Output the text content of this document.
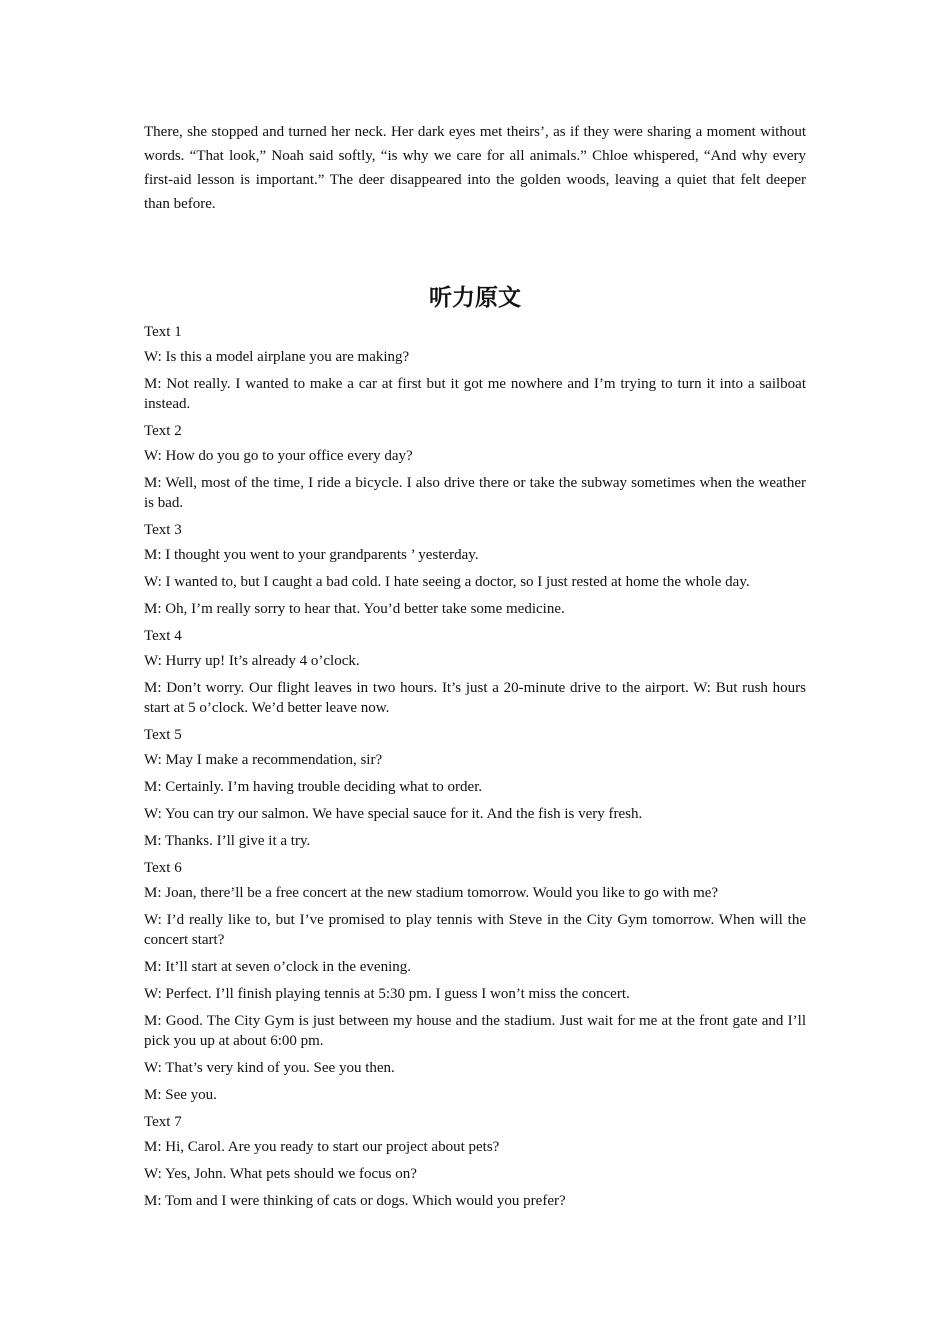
There, she stopped and turned her neck. Her dark eyes met theirs’, as if they were sharing a moment without words. “That look,” Noah said softly, “is why we care for all animals.” Chloe whispered, “And why every first-aid lesson is important.” The deer disappeared into the golden woods, leaving a quiet that felt deeper than before.

听力原文

Text 1

W: Is this a model airplane you are making?

M: Not really. I wanted to make a car at first but it got me nowhere and I’m trying to turn it into a sailboat instead.

Text 2

W: How do you go to your office every day?

M: Well, most of the time, I ride a bicycle. I also drive there or take the subway sometimes when the weather is bad.

Text 3

M: I thought you went to your grandparents ’ yesterday.

W: I wanted to, but I caught a bad cold. I hate seeing a doctor, so I just rested at home the whole day.

M: Oh, I’m really sorry to hear that. You’d better take some medicine.

Text 4

W: Hurry up! It’s already 4 o’clock.

M: Don’t worry. Our flight leaves in two hours. It’s just a 20-minute drive to the airport. W: But rush hours start at 5 o’clock. We’d better leave now.

Text 5

W: May I make a recommendation, sir?

M: Certainly. I’m having trouble deciding what to order.

W: You can try our salmon. We have special sauce for it. And the fish is very fresh.

M: Thanks. I’ll give it a try.

Text 6

M: Joan, there’ll be a free concert at the new stadium tomorrow. Would you like to go with me?

W: I’d really like to, but I’ve promised to play tennis with Steve in the City Gym tomorrow. When will the concert start?

M: It’ll start at seven o’clock in the evening.

W: Perfect. I’ll finish playing tennis at 5:30 pm. I guess I won’t miss the concert.

M: Good. The City Gym is just between my house and the stadium. Just wait for me at the front gate and I’ll pick you up at about 6:00 pm.

W: That’s very kind of you. See you then.

M: See you.

Text 7

M: Hi, Carol. Are you ready to start our project about pets?

W: Yes, John. What pets should we focus on?

M: Tom and I were thinking of cats or dogs. Which would you prefer?
